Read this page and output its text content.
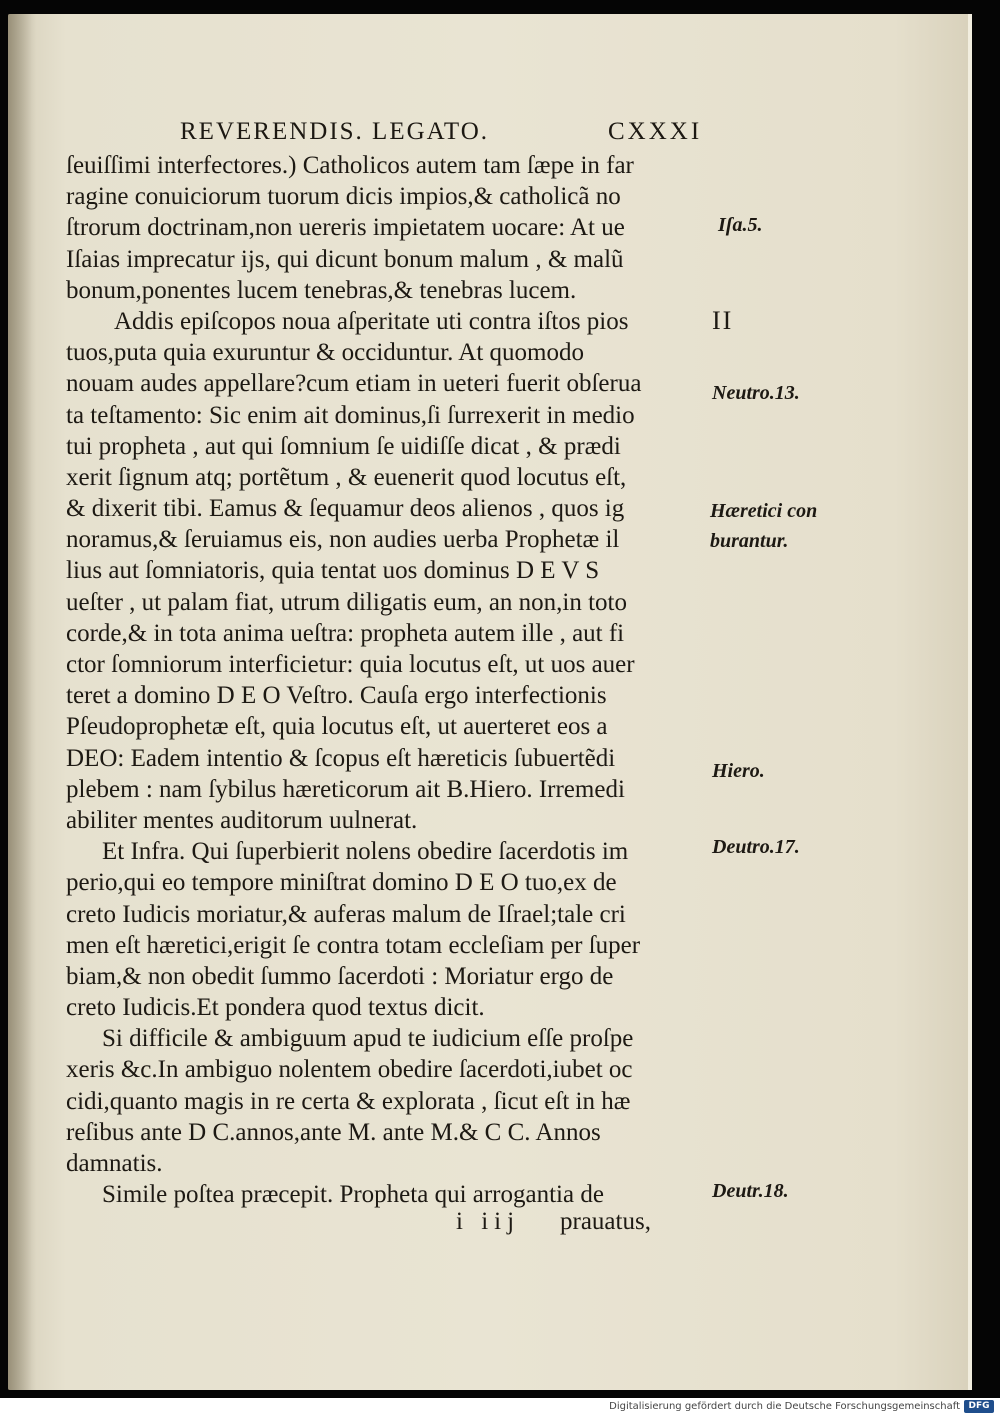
REVERENDIS. LEGATO.	CXXXI
ſeuiſſimi interfectores.) Catholicos autem tam ſæpe in far
ragine conuiciorum tuorum dicis impios,& catholicã no
ſtrorum doctrinam,non uereris impietatem uocare: At ue
Iſaias imprecatur ijs, qui dicunt bonum malum , & malũ
bonum,ponentes lucem tenebras,& tenebras lucem.
Addis epiſcopos noua aſperitate uti contra iſtos pios
tuos,puta quia exuruntur & occiduntur. At quomodo
nouam audes appellare?cum etiam in ueteri fuerit obſerua
ta teſtamento: Sic enim ait dominus,ſi ſurrexerit in medio
tui propheta , aut qui ſomnium ſe uidiſſe dicat , & prædi
xerit ſignum atq; portẽtum , & euenerit quod locutus eſt,
& dixerit tibi. Eamus & ſequamur deos alienos , quos ig
noramus,& ſeruiamus eis, non audies uerba Prophetæ il
lius aut ſomniatoris, quia tentat uos dominus D E V S
ueſter , ut palam fiat, utrum diligatis eum, an non,in toto
corde,& in tota anima ueſtra: propheta autem ille , aut fi
ctor ſomniorum interficietur: quia locutus eſt, ut uos auer
teret a domino D E O Veſtro. Cauſa ergo interfectionis
Pſeudoprophetæ eſt, quia locutus eſt, ut auerteret eos a
DEO: Eadem intentio & ſcopus eſt hæreticis ſubuertẽdi
plebem : nam ſybilus hæreticorum ait B.Hiero. Irremedi
abiliter mentes auditorum uulnerat.
Et Infra. Qui ſuperbierit nolens obedire ſacerdotis im
perio,qui eo tempore miniſtrat domino D E O tuo,ex de
creto Iudicis moriatur,& auferas malum de Iſrael;tale cri
men eſt hæretici,erigit ſe contra totam eccleſiam per ſuper
biam,& non obedit ſummo ſacerdoti : Moriatur ergo de
creto Iudicis.Et pondera quod textus dicit.
Si difficile & ambiguum apud te iudicium eſſe proſpe
xeris &c.In ambiguo nolentem obedire ſacerdoti,iubet oc
cidi,quanto magis in re certa & explorata , ſicut eſt in hæ
reſibus ante D C.annos,ante M. ante M.& C C. Annos
damnatis.
Simile poſtea præcepit. Propheta qui arrogantia de
Iſa.5.
II
Neutro.13.
Hæretici con
burantur.
Hiero.
Deutro.17.
Deutr.18.
i iij prauatus,
Digitalisierung gefördert durch die Deutsche Forschungsgemeinschaft DFG
